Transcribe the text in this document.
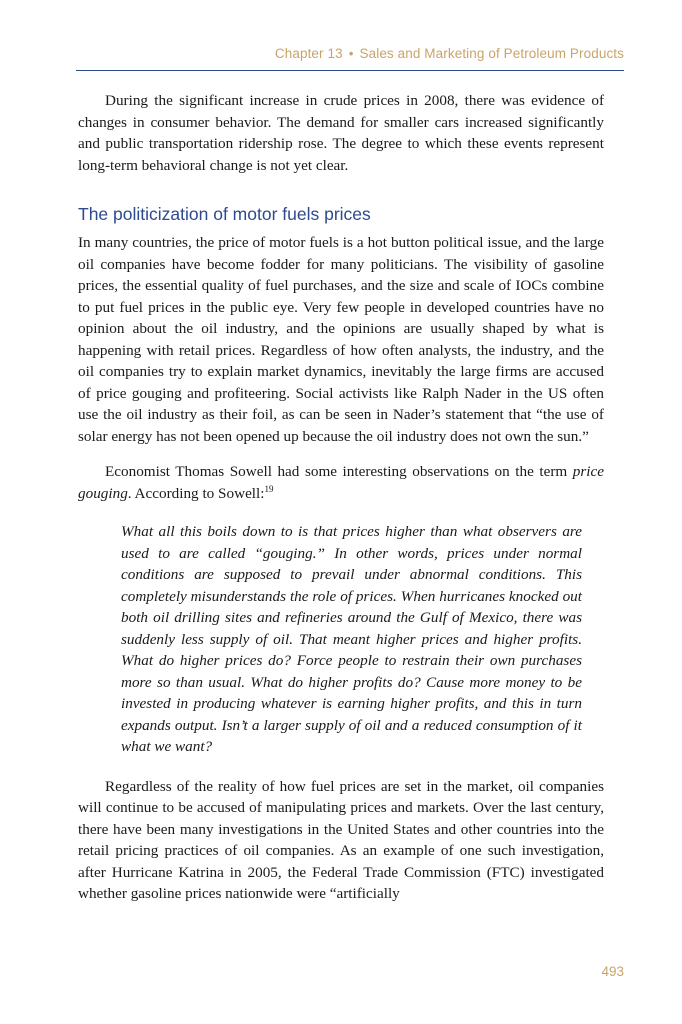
Chapter 13 • Sales and Marketing of Petroleum Products

During the significant increase in crude prices in 2008, there was evidence of changes in consumer behavior. The demand for smaller cars increased significantly and public transportation ridership rose. The degree to which these events represent long-term behavioral change is not yet clear.

The politicization of motor fuels prices

In many countries, the price of motor fuels is a hot button political issue, and the large oil companies have become fodder for many politicians. The visibility of gasoline prices, the essential quality of fuel purchases, and the size and scale of IOCs combine to put fuel prices in the public eye. Very few people in developed countries have no opinion about the oil industry, and the opinions are usually shaped by what is happening with retail prices. Regardless of how often analysts, the industry, and the oil companies try to explain market dynamics, inevitably the large firms are accused of price gouging and profiteering. Social activists like Ralph Nader in the US often use the oil industry as their foil, as can be seen in Nader’s statement that “the use of solar energy has not been opened up because the oil industry does not own the sun.”

Economist Thomas Sowell had some interesting observations on the term price gouging. According to Sowell:$^{19}$

What all this boils down to is that prices higher than what observers are used to are called “gouging.” In other words, prices under normal conditions are supposed to prevail under abnormal conditions. This completely misunderstands the role of prices. When hurricanes knocked out both oil drilling sites and refineries around the Gulf of Mexico, there was suddenly less supply of oil. That meant higher prices and higher profits. What do higher prices do? Force people to restrain their own purchases more so than usual. What do higher profits do? Cause more money to be invested in producing whatever is earning higher profits, and this in turn expands output. Isn’t a larger supply of oil and a reduced consumption of it what we want?

Regardless of the reality of how fuel prices are set in the market, oil companies will continue to be accused of manipulating prices and markets. Over the last century, there have been many investigations in the United States and other countries into the retail pricing practices of oil companies. As an example of one such investigation, after Hurricane Katrina in 2005, the Federal Trade Commission (FTC) investigated whether gasoline prices nationwide were “artificially

493
